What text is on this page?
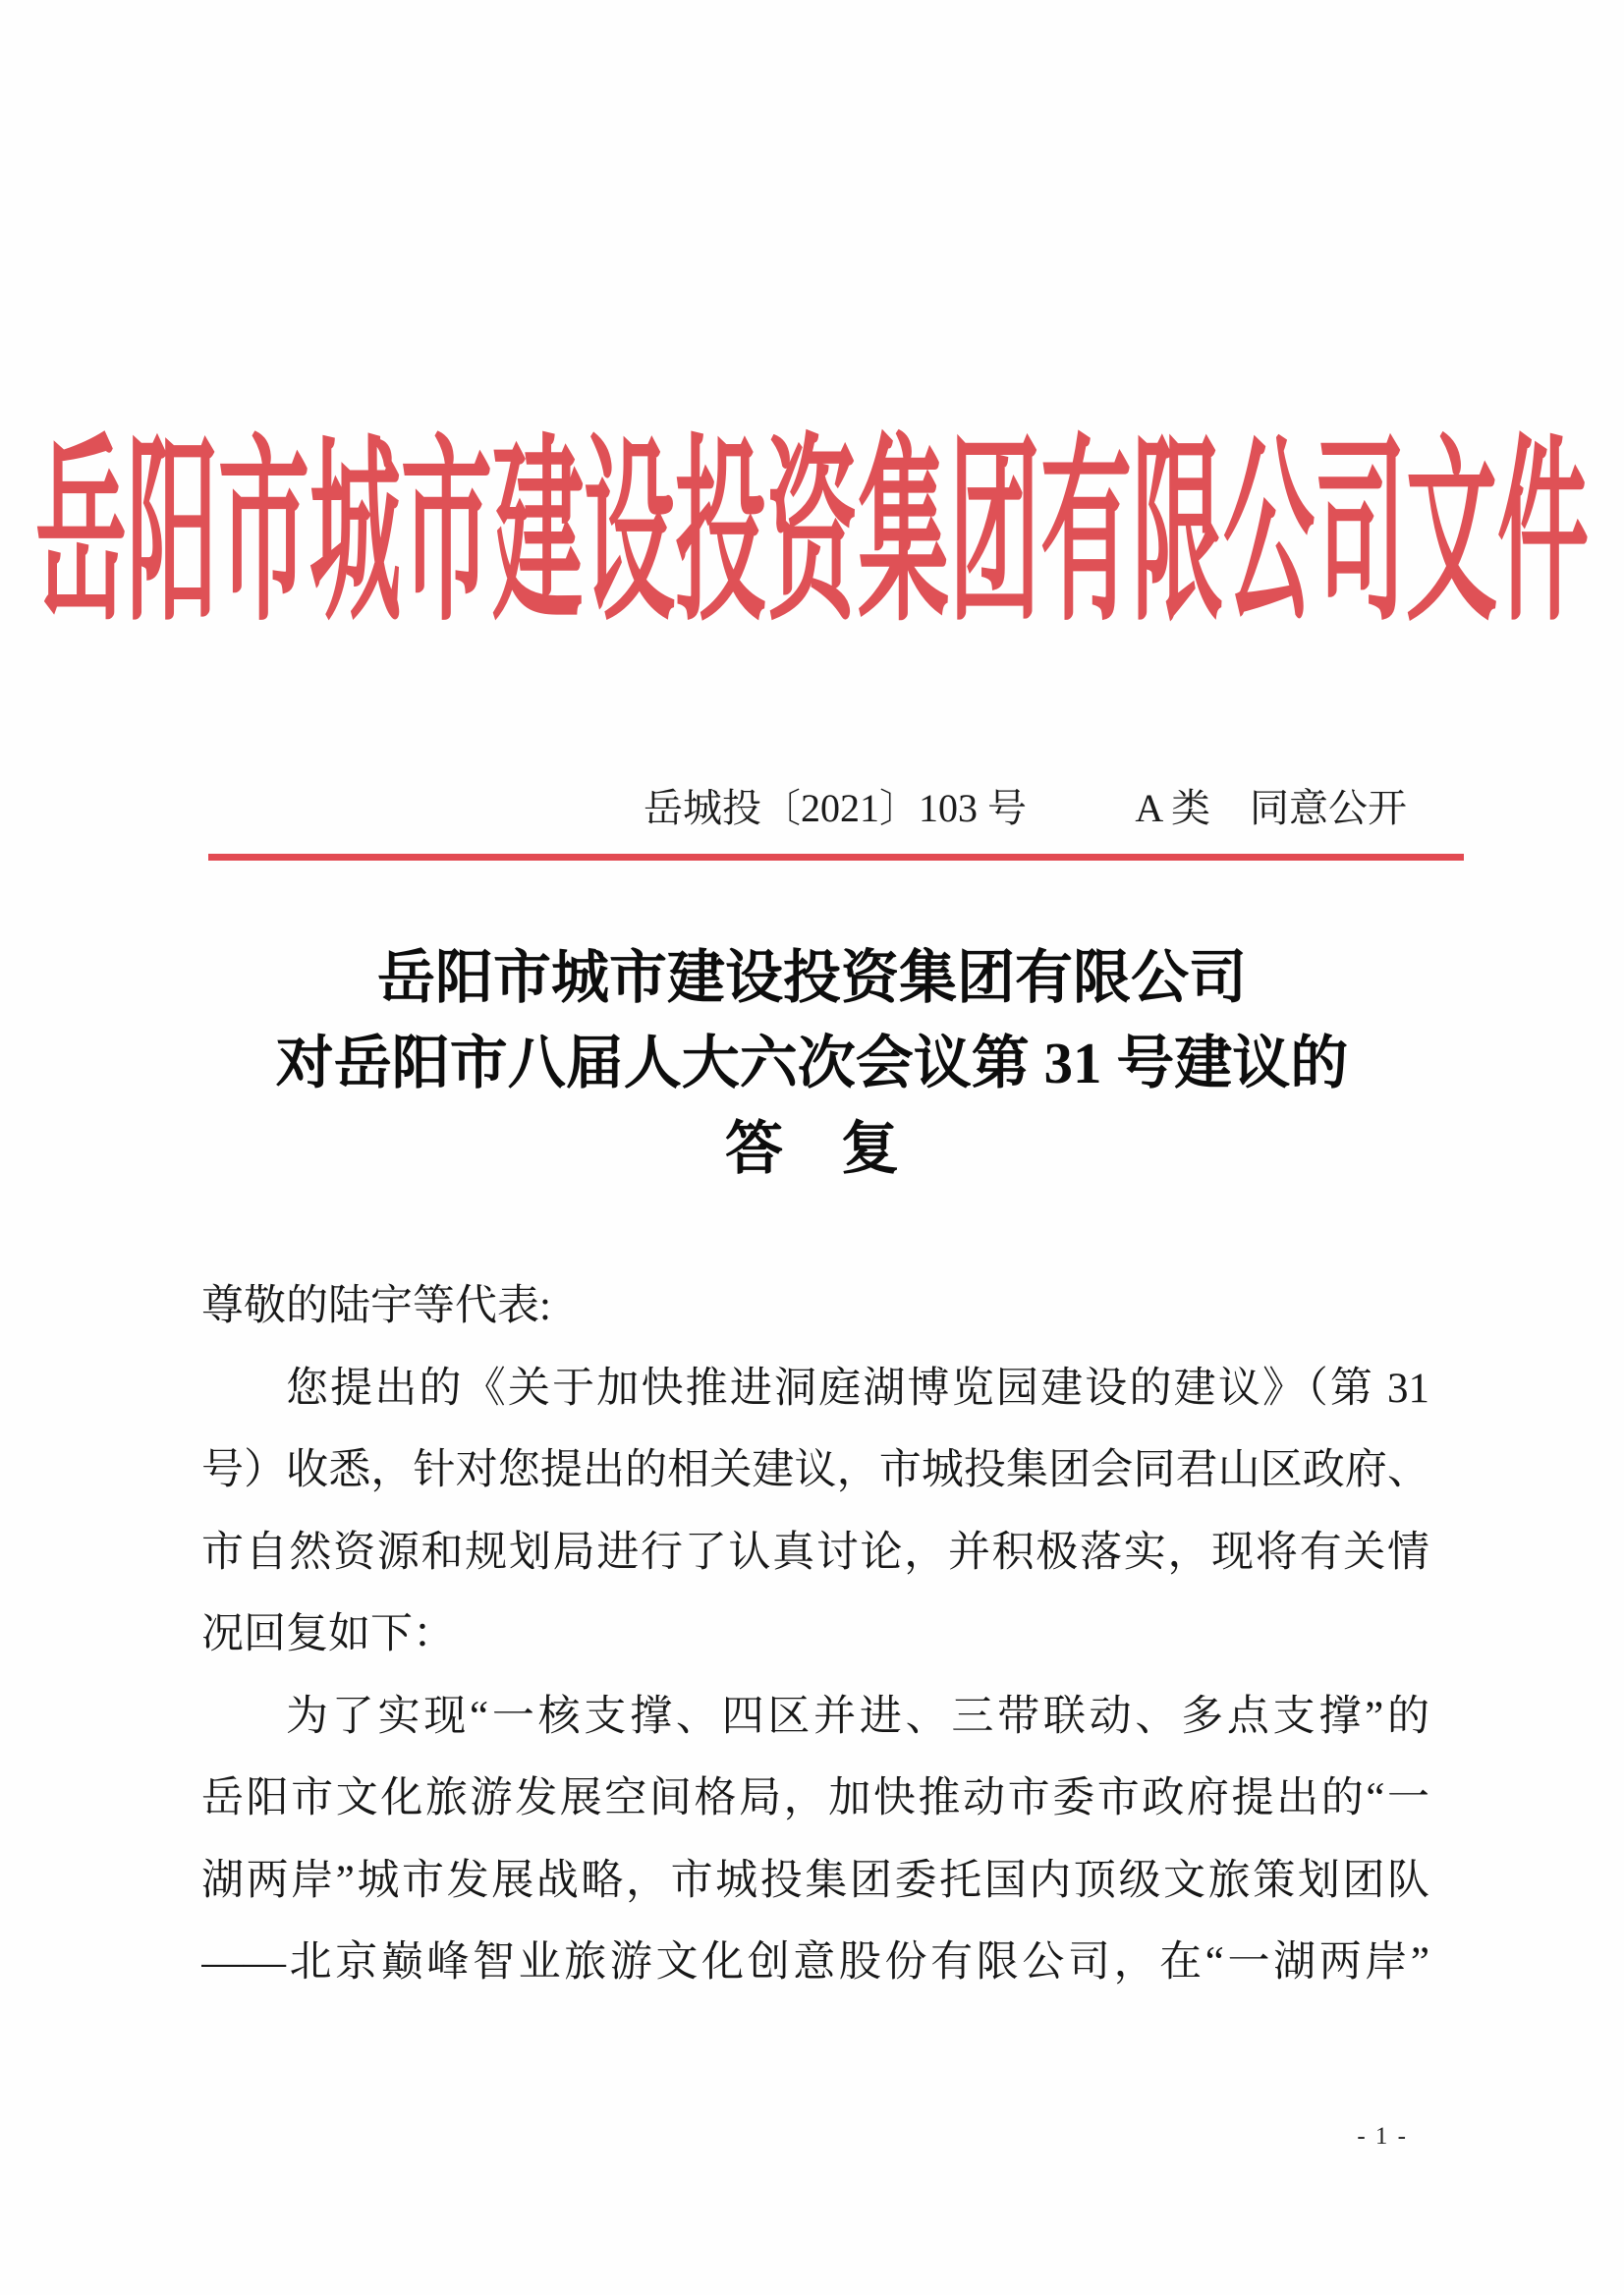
岳阳市城市建设投资集团有限公司文件
岳城投〔2021〕103 号	A 类　同意公开
岳阳市城市建设投资集团有限公司
对岳阳市八届人大六次会议第 31 号建议的
答　复
尊敬的陆宇等代表:
您提出的《关于加快推进洞庭湖博览园建设的建议》（第 31
号）收悉，针对您提出的相关建议，市城投集团会同君山区政府、
市自然资源和规划局进行了认真讨论，并积极落实，现将有关情
况回复如下：
为了实现“一核支撑、四区并进、三带联动、多点支撑”的
岳阳市文化旅游发展空间格局，加快推动市委市政府提出的“一
湖两岸”城市发展战略，市城投集团委托国内顶级文旅策划团队
——北京巅峰智业旅游文化创意股份有限公司，在“一湖两岸”
- 1 -
